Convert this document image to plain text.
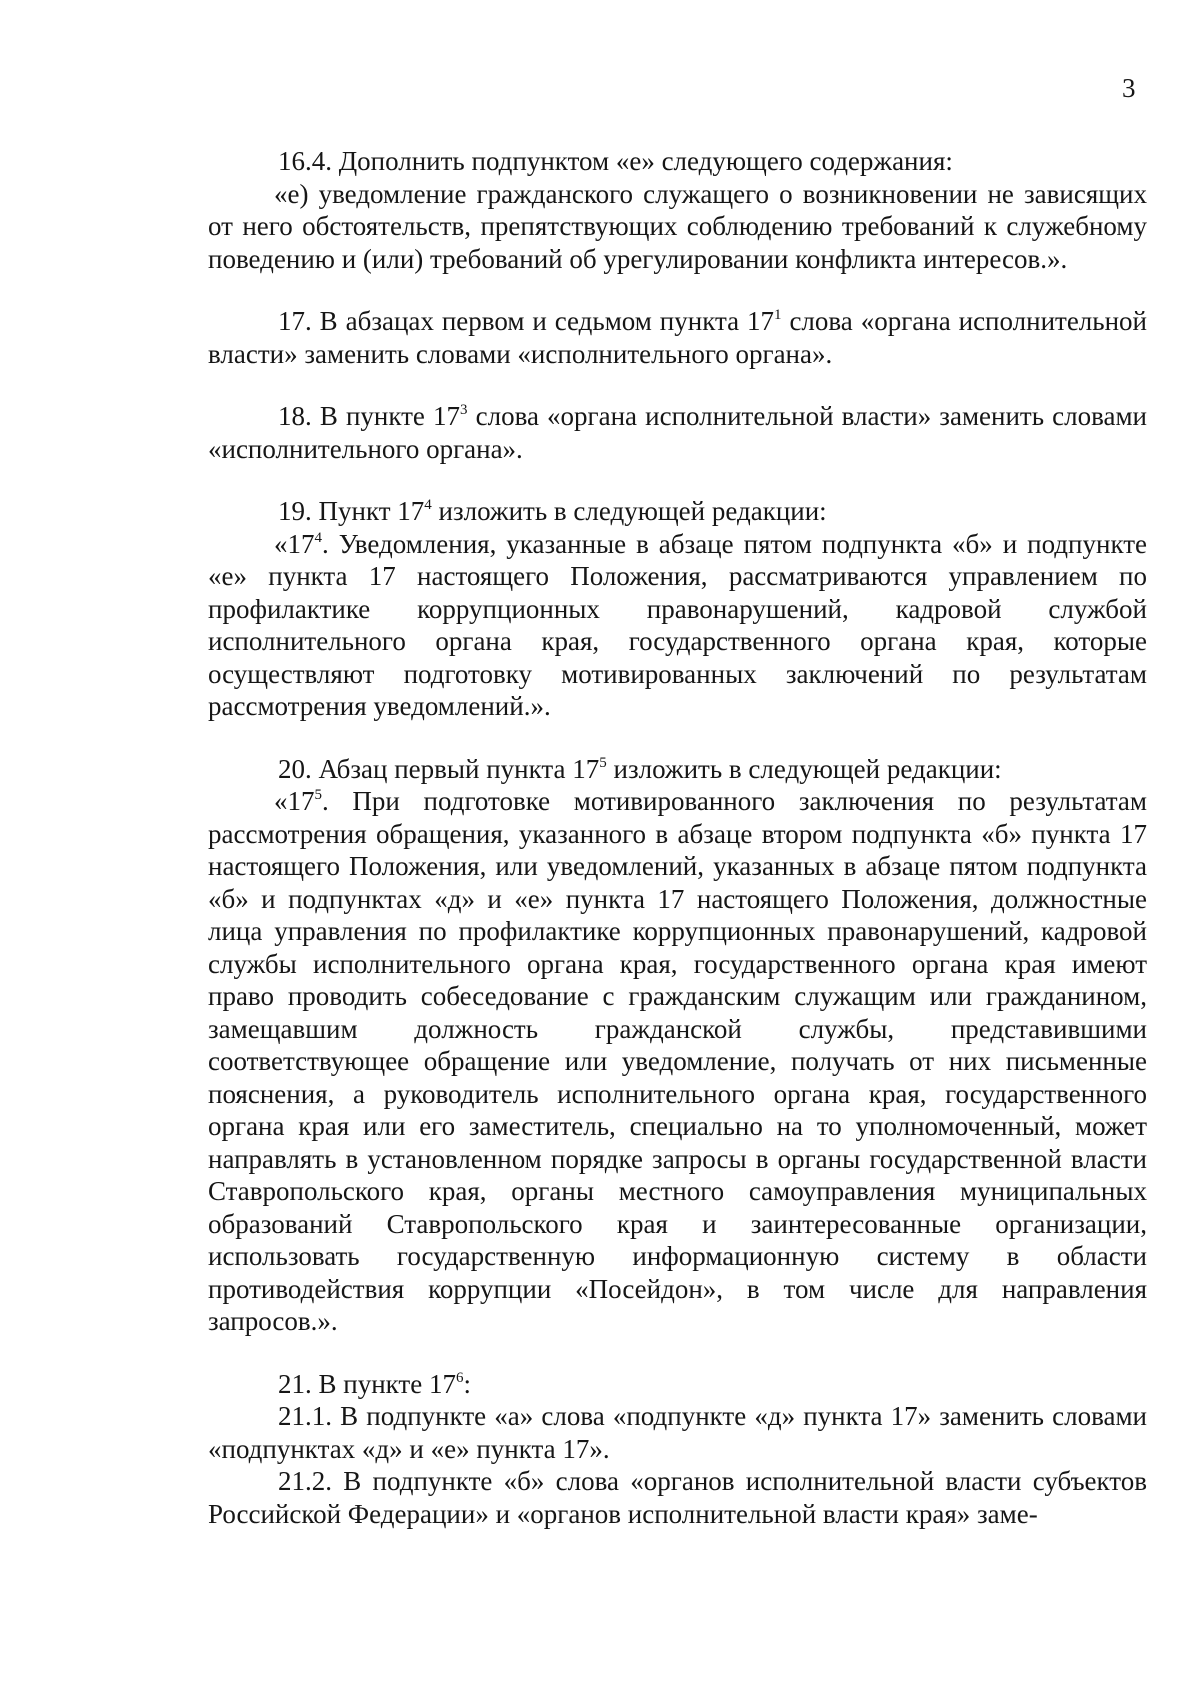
3

16.4. Дополнить подпунктом «е» следующего содержания:

«е) уведомление гражданского служащего о возникновении не зависящих от него обстоятельств, препятствующих соблюдению требований к служебному поведению и (или) требований об урегулировании конфликта интересов.».

17. В абзацах первом и седьмом пункта $17^1$ слова «органа исполнительной власти» заменить словами «исполнительного органа».

18. В пункте $17^3$ слова «органа исполнительной власти» заменить словами «исполнительного органа».

19. Пункт $17^4$ изложить в следующей редакции:

«$17^4$. Уведомления, указанные в абзаце пятом подпункта «б» и подпункте «е» пункта 17 настоящего Положения, рассматриваются управлением по профилактике коррупционных правонарушений, кадровой службой исполнительного органа края, государственного органа края, которые осуществляют подготовку мотивированных заключений по результатам рассмотрения уведомлений.».

20. Абзац первый пункта $17^5$ изложить в следующей редакции:

«$17^5$. При подготовке мотивированного заключения по результатам рассмотрения обращения, указанного в абзаце втором подпункта «б» пункта 17 настоящего Положения, или уведомлений, указанных в абзаце пятом подпункта «б» и подпунктах «д» и «е» пункта 17 настоящего Положения, должностные лица управления по профилактике коррупционных правонарушений, кадровой службы исполнительного органа края, государственного органа края имеют право проводить собеседование с гражданским служащим или гражданином, замещавшим должность гражданской службы, представившими соответствующее обращение или уведомление, получать от них письменные пояснения, а руководитель исполнительного органа края, государственного органа края или его заместитель, специально на то уполномоченный, может направлять в установленном порядке запросы в органы государственной власти Ставропольского края, органы местного самоуправления муниципальных образований Ставропольского края и заинтересованные организации, использовать государственную информационную систему в области противодействия коррупции «Посейдон», в том числе для направления запросов.».

21. В пункте $17^6$:

21.1. В подпункте «а» слова «подпункте «д» пункта 17» заменить словами «подпунктах «д» и «е» пункта 17».

21.2. В подпункте «б» слова «органов исполнительной власти субъектов Российской Федерации» и «органов исполнительной власти края» заме-
